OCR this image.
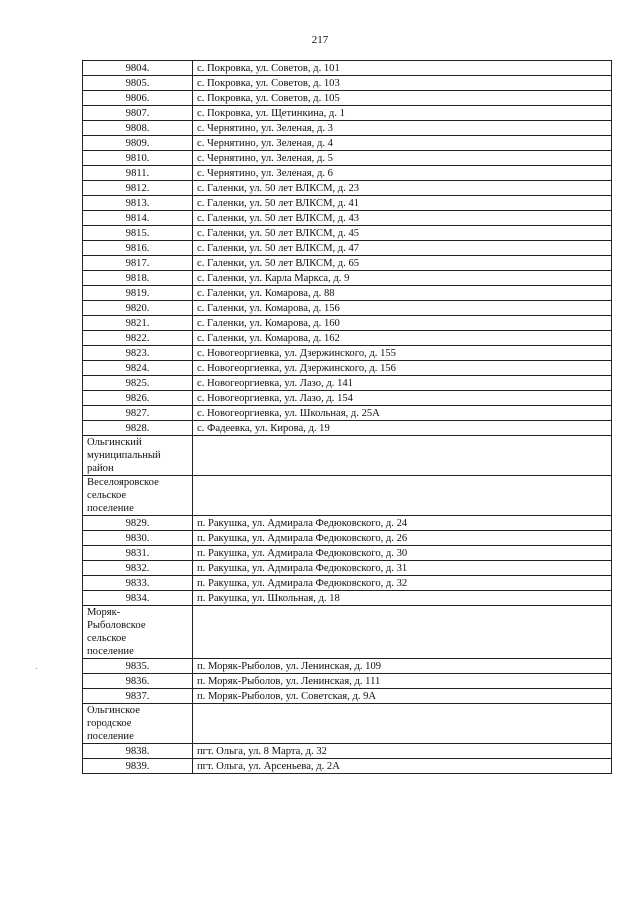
217
9804.	с. Покровка, ул. Советов, д. 101
9805.	с. Покровка, ул. Советов, д. 103
9806.	с. Покровка, ул. Советов, д. 105
9807.	с. Покровка, ул. Щетинкина, д. 1
9808.	с. Чернятино, ул. Зеленая, д. 3
9809.	с. Чернятино, ул. Зеленая, д. 4
9810.	с. Чернятино, ул. Зеленая, д. 5
9811.	с. Чернятино, ул. Зеленая, д. 6
9812.	с. Галенки, ул. 50 лет ВЛКСМ, д. 23
9813.	с. Галенки, ул. 50 лет ВЛКСМ, д. 41
9814.	с. Галенки, ул. 50 лет ВЛКСМ, д. 43
9815.	с. Галенки, ул. 50 лет ВЛКСМ, д. 45
9816.	с. Галенки, ул. 50 лет ВЛКСМ, д. 47
9817.	с. Галенки, ул. 50 лет ВЛКСМ, д. 65
9818.	с. Галенки, ул. Карла Маркса, д. 9
9819.	с. Галенки, ул. Комарова, д. 88
9820.	с. Галенки, ул. Комарова, д. 156
9821.	с. Галенки, ул. Комарова, д. 160
9822.	с. Галенки, ул. Комарова, д. 162
9823.	с. Новогеоргиевка, ул. Дзержинского, д. 155
9824.	с. Новогеоргиевка, ул. Дзержинского, д. 156
9825.	с. Новогеоргиевка, ул. Лазо, д. 141
9826.	с. Новогеоргиевка, ул. Лазо, д. 154
9827.	с. Новогеоргиевка, ул. Школьная, д. 25А
9828.	с. Фадеевка, ул. Кирова, д. 19

Ольгинский
муниципальный
район	

Веселояровское
сельское
поселение	

9829.	п. Ракушка, ул. Адмирала Федюковского, д. 24
9830.	п. Ракушка, ул. Адмирала Федюковского, д. 26
9831.	п. Ракушка, ул. Адмирала Федюковского, д. 30
9832.	п. Ракушка, ул. Адмирала Федюковского, д. 31
9833.	п. Ракушка, ул. Адмирала Федюковского, д. 32
9834.	п. Ракушка, ул. Школьная, д. 18

Моряк-
Рыболовское
сельское
поселение	

9835.	п. Моряк-Рыболов, ул. Ленинская, д. 109
9836.	п. Моряк-Рыболов, ул. Ленинская, д. 111
9837.	п. Моряк-Рыболов, ул. Советская, д. 9А

Ольгинское
городское
поселение	

9838.	пгт. Ольга, ул. 8 Марта, д. 32
9839.	пгт. Ольга, ул. Арсеньева, д. 2А
